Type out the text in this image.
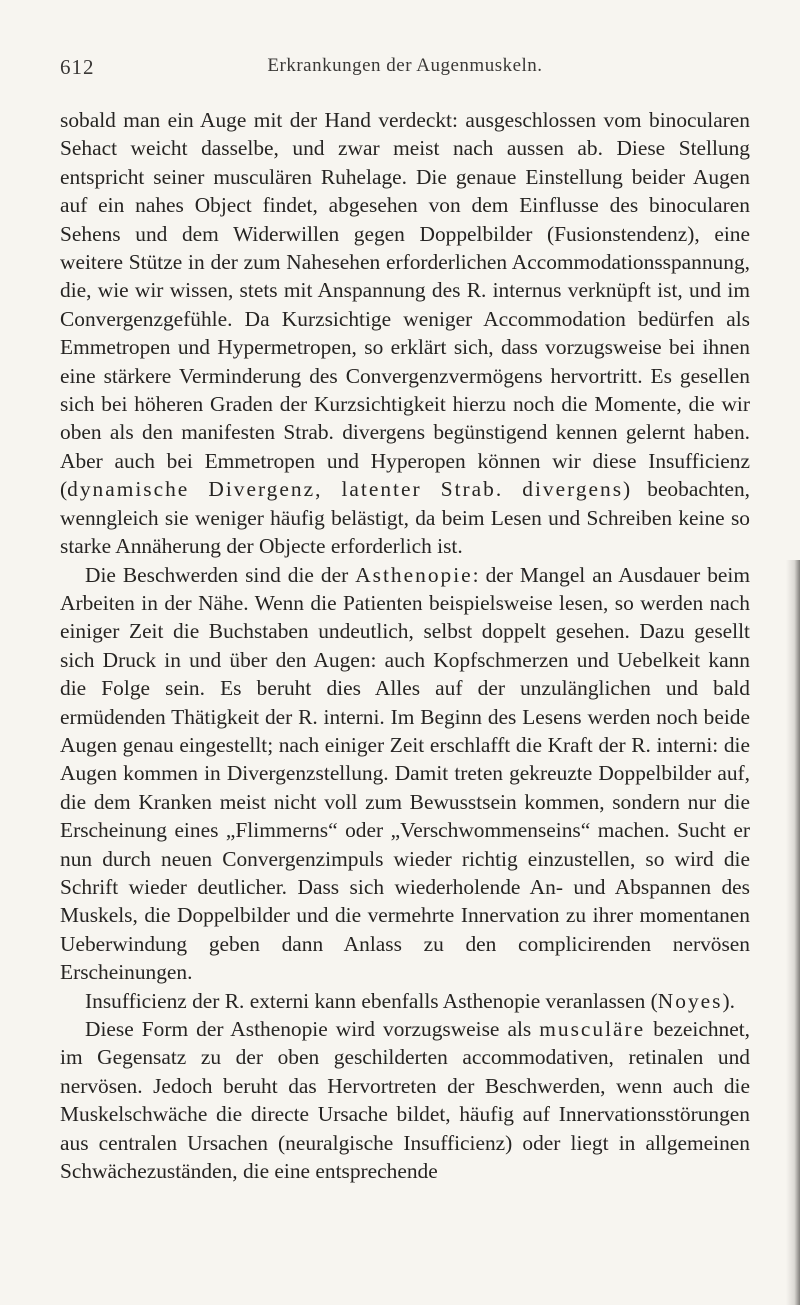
612	Erkrankungen der Augenmuskeln.

sobald man ein Auge mit der Hand verdeckt: ausgeschlossen vom binocularen Sehact weicht dasselbe, und zwar meist nach aussen ab. Diese Stellung entspricht seiner musculären Ruhelage. Die genaue Einstellung beider Augen auf ein nahes Object findet, abgesehen von dem Einflusse des binocularen Sehens und dem Widerwillen gegen Doppelbilder (Fusionstendenz), eine weitere Stütze in der zum Nahesehen erforderlichen Accommodationsspannung, die, wie wir wissen, stets mit Anspannung des R. internus verknüpft ist, und im Convergenzgefühle. Da Kurzsichtige weniger Accommodation bedürfen als Emmetropen und Hypermetropen, so erklärt sich, dass vorzugsweise bei ihnen eine stärkere Verminderung des Convergenzvermögens hervortritt. Es gesellen sich bei höheren Graden der Kurzsichtigkeit hierzu noch die Momente, die wir oben als den manifesten Strab. divergens begünstigend kennen gelernt haben. Aber auch bei Emmetropen und Hyperopen können wir diese Insufficienz (dynamische Divergenz, latenter Strab. divergens) beobachten, wenngleich sie weniger häufig belästigt, da beim Lesen und Schreiben keine so starke Annäherung der Objecte erforderlich ist.

Die Beschwerden sind die der Asthenopie: der Mangel an Ausdauer beim Arbeiten in der Nähe. Wenn die Patienten beispielsweise lesen, so werden nach einiger Zeit die Buchstaben undeutlich, selbst doppelt gesehen. Dazu gesellt sich Druck in und über den Augen: auch Kopfschmerzen und Uebelkeit kann die Folge sein. Es beruht dies Alles auf der unzulänglichen und bald ermüdenden Thätigkeit der R. interni. Im Beginn des Lesens werden noch beide Augen genau eingestellt; nach einiger Zeit erschlafft die Kraft der R. interni: die Augen kommen in Divergenzstellung. Damit treten gekreuzte Doppelbilder auf, die dem Kranken meist nicht voll zum Bewusstsein kommen, sondern nur die Erscheinung eines „Flimmerns“ oder „Verschwommenseins“ machen. Sucht er nun durch neuen Convergenzimpuls wieder richtig einzustellen, so wird die Schrift wieder deutlicher. Dass sich wiederholende An- und Abspannen des Muskels, die Doppelbilder und die vermehrte Innervation zu ihrer momentanen Ueberwindung geben dann Anlass zu den complicirenden nervösen Erscheinungen.

Insufficienz der R. externi kann ebenfalls Asthenopie veranlassen (Noyes).

Diese Form der Asthenopie wird vorzugsweise als musculäre bezeichnet, im Gegensatz zu der oben geschilderten accommodativen, retinalen und nervösen. Jedoch beruht das Hervortreten der Beschwerden, wenn auch die Muskelschwäche die directe Ursache bildet, häufig auf Innervationsstörungen aus centralen Ursachen (neuralgische Insufficienz) oder liegt in allgemeinen Schwächezuständen, die eine entsprechende
